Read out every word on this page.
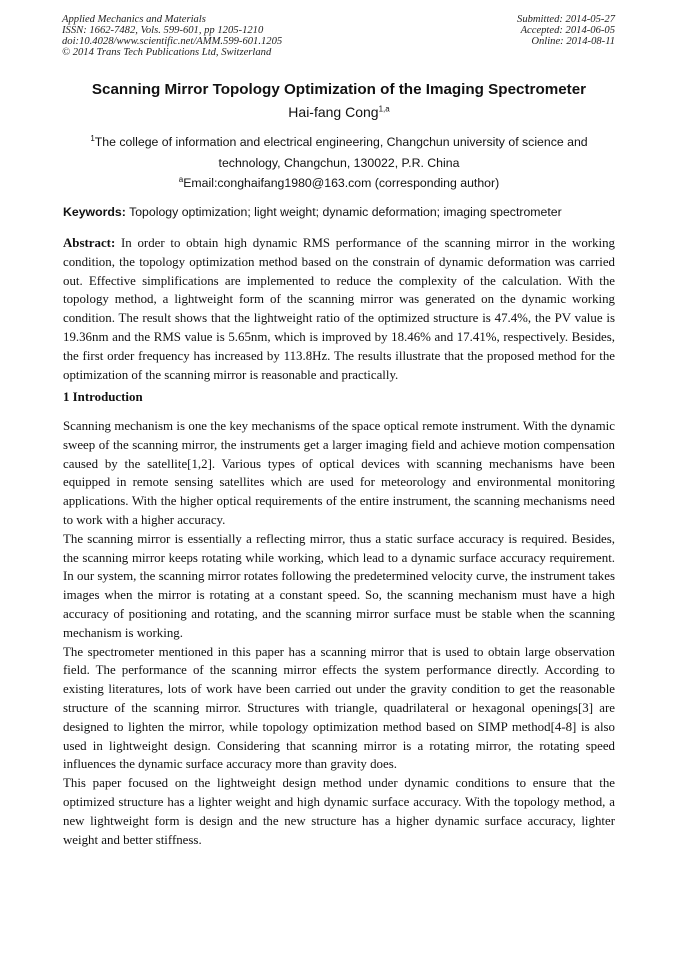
Applied Mechanics and Materials
ISSN: 1662-7482, Vols. 599-601, pp 1205-1210
doi:10.4028/www.scientific.net/AMM.599-601.1205
© 2014 Trans Tech Publications Ltd, Switzerland
Submitted: 2014-05-27
Accepted: 2014-06-05
Online: 2014-08-11
Scanning Mirror Topology Optimization of the Imaging Spectrometer
Hai-fang Cong$^{1,a}$
$^1$The college of information and electrical engineering, Changchun university of science and technology, Changchun, 130022, P.R. China
$^a$Email:conghaifang1980@163.com (corresponding author)
Keywords: Topology optimization; light weight; dynamic deformation; imaging spectrometer
Abstract: In order to obtain high dynamic RMS performance of the scanning mirror in the working condition, the topology optimization method based on the constrain of dynamic deformation was carried out. Effective simplifications are implemented to reduce the complexity of the calculation. With the topology method, a lightweight form of the scanning mirror was generated on the dynamic working condition. The result shows that the lightweight ratio of the optimized structure is 47.4%, the PV value is 19.36nm and the RMS value is 5.65nm, which is improved by 18.46% and 17.41%, respectively. Besides, the first order frequency has increased by 113.8Hz. The results illustrate that the proposed method for the optimization of the scanning mirror is reasonable and practically.
1 Introduction

Scanning mechanism is one the key mechanisms of the space optical remote instrument. With the dynamic sweep of the scanning mirror, the instruments get a larger imaging field and achieve motion compensation caused by the satellite[1,2]. Various types of optical devices with scanning mechanisms have been equipped in remote sensing satellites which are used for meteorology and environmental monitoring applications. With the higher optical requirements of the entire instrument, the scanning mechanisms need to work with a higher accuracy.

The scanning mirror is essentially a reflecting mirror, thus a static surface accuracy is required. Besides, the scanning mirror keeps rotating while working, which lead to a dynamic surface accuracy requirement. In our system, the scanning mirror rotates following the predetermined velocity curve, the instrument takes images when the mirror is rotating at a constant speed. So, the scanning mechanism must have a high accuracy of positioning and rotating, and the scanning mirror surface must be stable when the scanning mechanism is working.

The spectrometer mentioned in this paper has a scanning mirror that is used to obtain large observation field. The performance of the scanning mirror effects the system performance directly. According to existing literatures, lots of work have been carried out under the gravity condition to get the reasonable structure of the scanning mirror. Structures with triangle, quadrilateral or hexagonal openings[3] are designed to lighten the mirror, while topology optimization method based on SIMP method[4-8] is also used in lightweight design. Considering that scanning mirror is a rotating mirror, the rotating speed influences the dynamic surface accuracy more than gravity does.

This paper focused on the lightweight design method under dynamic conditions to ensure that the optimized structure has a lighter weight and high dynamic surface accuracy. With the topology method, a new lightweight form is design and the new structure has a higher dynamic surface accuracy, lighter weight and better stiffness.
